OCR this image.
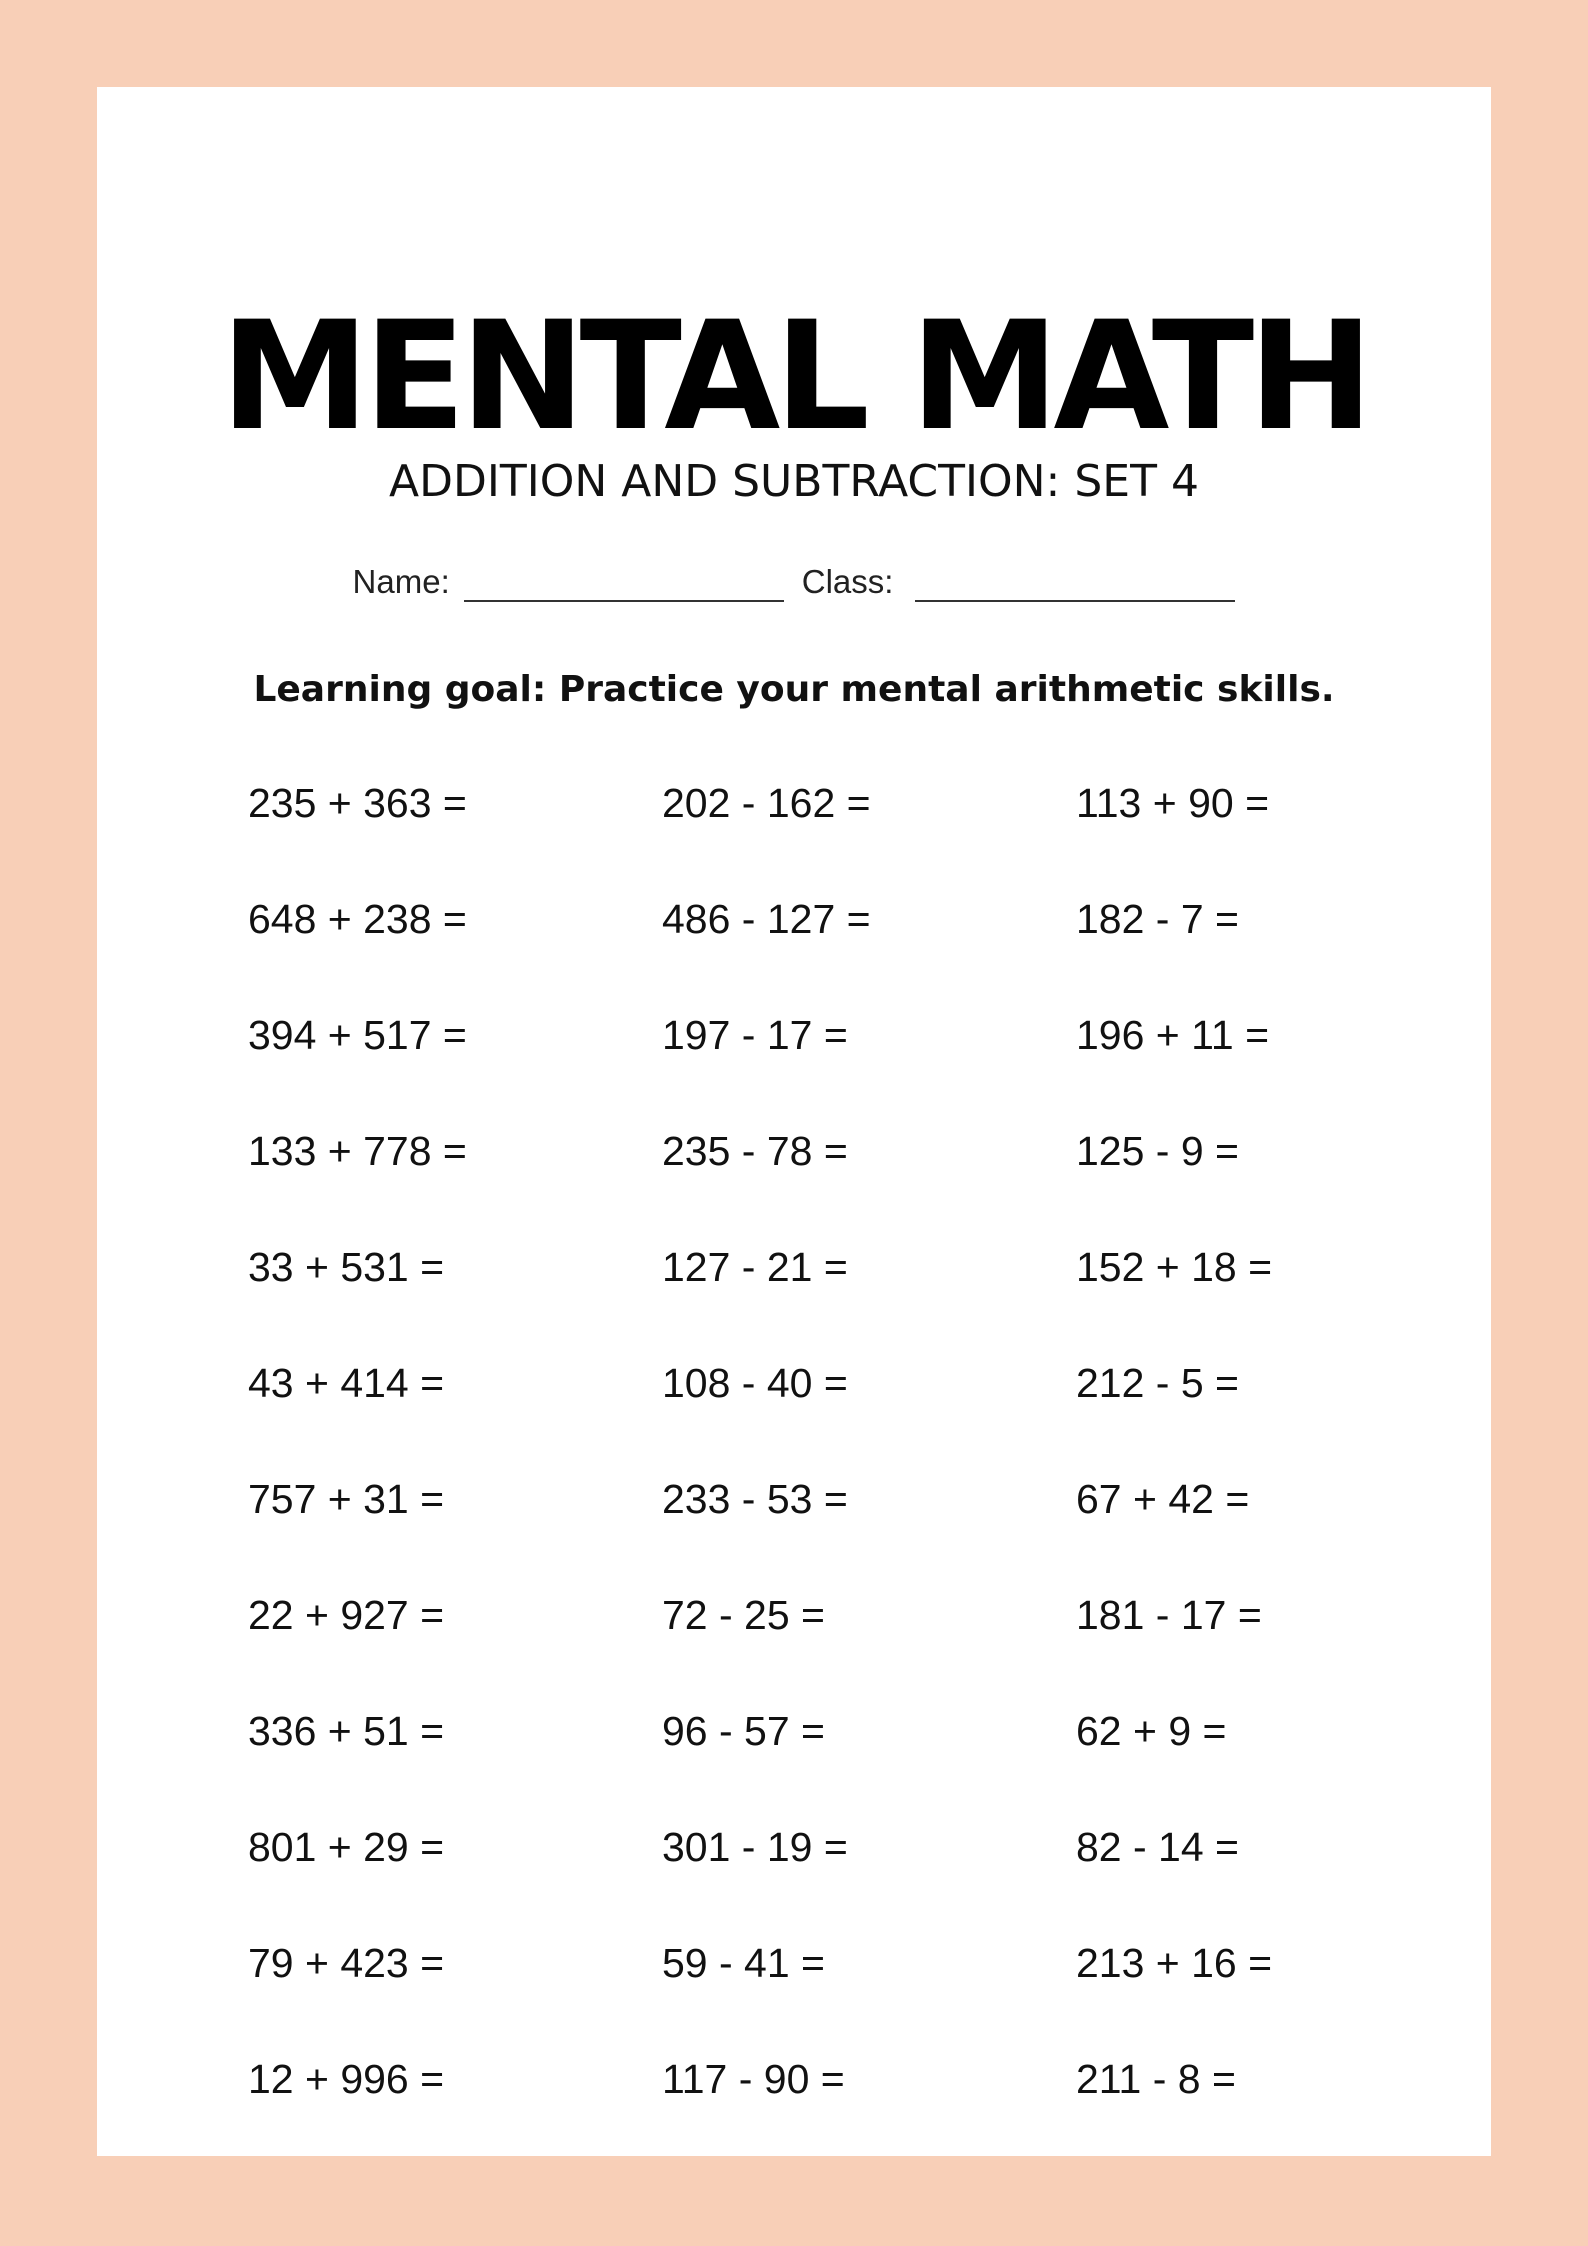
MENTAL MATH
ADDITION AND SUBTRACTION: SET 4
Name:	Class:
Learning goal: Practice your mental arithmetic skills.
235 + 363 =	202 - 162 =	113 + 90 =
648 + 238 =	486 - 127 =	182 - 7 =
394 + 517 =	197 - 17 =	196 + 11 =
133 + 778 =	235 - 78 =	125 - 9 =
33 + 531 =	127 - 21 =	152 + 18 =
43 + 414 =	108 - 40 =	212 - 5 =
757 + 31 =	233 - 53 =	67 + 42 =
22 + 927 =	72 - 25 =	181 - 17 =
336 + 51 =	96 - 57 =	62 + 9 =
801 + 29 =	301 - 19 =	82 - 14 =
79 + 423 =	59 - 41 =	213 + 16 =
12 + 996 =	117 - 90 =	211 - 8 =
